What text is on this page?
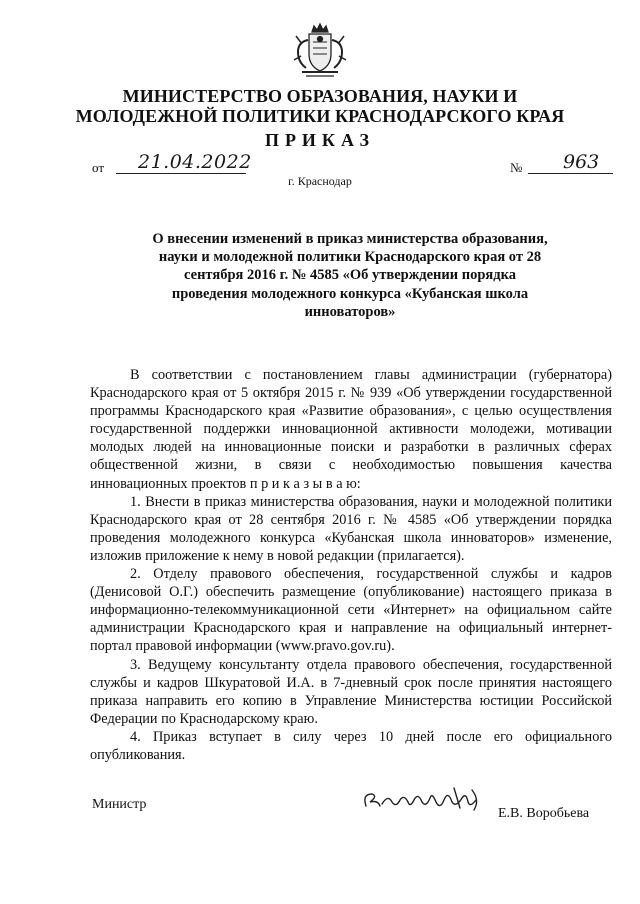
МИНИСТЕРСТВО ОБРАЗОВАНИЯ, НАУКИ И МОЛОДЕЖНОЙ ПОЛИТИКИ КРАСНОДАРСКОГО КРАЯ
ПРИКАЗ
от 21.04.2022	№ 963
г. Краснодар
О внесении изменений в приказ министерства образования, науки и молодежной политики Краснодарского края от 28 сентября 2016 г. № 4585 «Об утверждении порядка проведения молодежного конкурса «Кубанская школа инноваторов»

В соответствии с постановлением главы администрации (губернатора) Краснодарского края от 5 октября 2015 г. № 939 «Об утверждении государственной программы Краснодарского края «Развитие образования», с целью осуществления государственной поддержки инновационной активности молодежи, мотивации молодых людей на инновационные поиски и разработки в различных сферах общественной жизни, в связи с необходимостью повышения качества инновационных проектов п р и к а з ы в а ю:

1. Внести в приказ министерства образования, науки и молодежной политики Краснодарского края от 28 сентября 2016 г. № 4585 «Об утверждении порядка проведения молодежного конкурса «Кубанская школа инноваторов» изменение, изложив приложение к нему в новой редакции (прилагается).

2. Отделу правового обеспечения, государственной службы и кадров (Денисовой О.Г.) обеспечить размещение (опубликование) настоящего приказа в информационно-телекоммуникационной сети «Интернет» на официальном сайте администрации Краснодарского края и направление на официальный интернет-портал правовой информации (www.pravo.gov.ru).

3. Ведущему консультанту отдела правового обеспечения, государственной службы и кадров Шкуратовой И.А. в 7-дневный срок после принятия настоящего приказа направить его копию в Управление Министерства юстиции Российской Федерации по Краснодарскому краю.

4. Приказ вступает в силу через 10 дней после его официального опубликования.

Министр
Е.В. Воробьева
